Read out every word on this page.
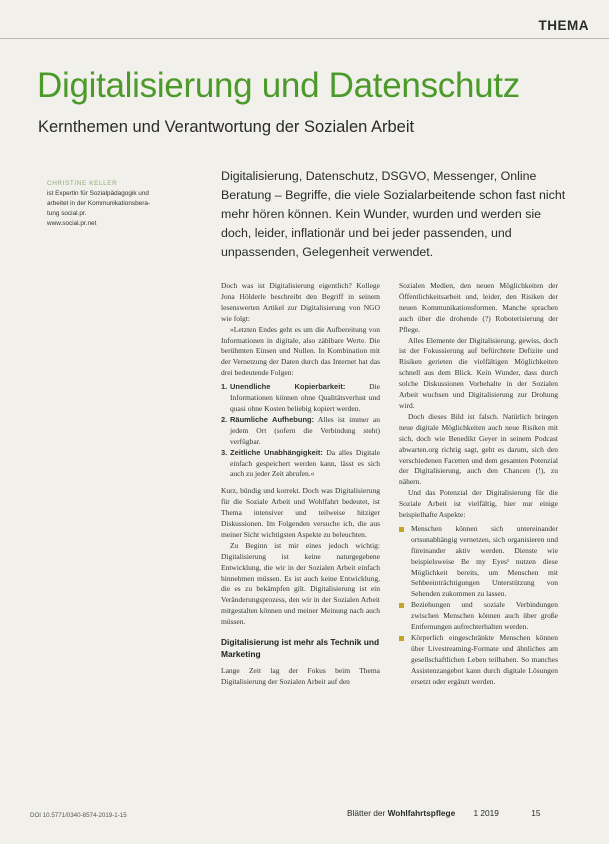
THEMA
Digitalisierung und Datenschutz
Kernthemen und Verantwortung der Sozialen Arbeit
CHRISTINE KELLER
ist Expertin für Sozialpädagogik und
arbeitet in der Kommunikationsbera-
tung social.pr.
www.social.pr.net
Digitalisierung, Datenschutz, DSGVO, Messenger, Online Beratung – Begriffe, die viele Sozialarbeitende schon fast nicht mehr hören können. Kein Wunder, wurden und werden sie doch, leider, inflationär und bei jeder passenden, und unpassenden, Gelegenheit verwendet.

Doch was ist Digitalisierung eigentlich? Kollege Jona Hölderle beschreibt den Begriff in seinem lesenswerten Artikel zur Digitalisierung von NGO wie folgt:

»Letzten Endes geht es um die Aufbereitung von Informationen in digitale, also zählbare Werte. Die berühmten Einsen und Nullen. In Kombination mit der Vernetzung der Daten durch das Internet hat das drei bedeutende Folgen:

1. Unendliche Kopierbarkeit:	Die Informationen können ohne Qualitätsverlust und quasi ohne Kosten beliebig kopiert werden.
2. Räumliche Aufhebung: Alles ist immer an jedem Ort (sofern die Verbindung steht) verfügbar.
3. Zeitliche Unabhängigkeit: Da alles Digitale einfach gespeichert werden kann, lässt es sich auch zu jeder Zeit abrufen.«

Kurz, bündig und korrekt. Doch was Digitalisierung für die Soziale Arbeit und Wohlfahrt bedeutet, ist Thema intensiver und teilweise hitziger Diskussionen. Im Folgenden versuche ich, die aus meiner Sicht wichtigsten Aspekte zu beleuchten.

Zu Beginn ist mir eines jedoch wichtig: Digitalisierung ist keine naturgegebene Entwicklung, die wir in der Sozialen Arbeit einfach hinnehmen müssen. Es ist auch keine Entwicklung, die es zu bekämpfen gilt. Digitalisierung ist ein Veränderungsprozess, den wir in der Sozialen Arbeit mitgestalten können und meiner Meinung nach auch müssen.

Digitalisierung ist mehr als Technik und Marketing

Lange Zeit lag der Fokus beim Thema Digitalisierung der Sozialen Arbeit auf den

Sozialen Medien, den neuen Möglichkeiten der Öffentlichkeitsarbeit und, leider, den Risiken der neuen Kommunikationsformen. Manche sprachen auch über die drohende (?) Roboterisierung der Pflege.

Alles Elemente der Digitalisierung, gewiss, doch ist der Fokussierung auf befürchtete Defizite und Risiken gerieten die vielfältigen Möglichkeiten schnell aus dem Blick. Kein Wunder, dass durch solche Diskussionen Vorbehalte in der Sozialen Arbeit wuchsen und Digitalisierung zur Drohung wird.

Doch dieses Bild ist falsch. Natürlich bringen neue digitale Möglichkeiten auch neue Risiken mit sich, doch wie Benedikt Geyer in seinem Podcast abwarten.org richtig sagt, geht es darum, sich den verschiedenen Facetten und dem gesamten Potenzial der Digitalisierung, auch den Chancen (!), zu nähern.

Und das Potenzial der Digitalisierung für die Soziale Arbeit ist vielfältig, hier nur einige beispielhafte Aspekte:

Menschen können sich untereinander ortsunabhängig vernetzen, sich organisieren und füreinander aktiv werden. Dienste wie beispielsweise Be my Eyes¹ nutzen diese Möglichkeit bereits, um Menschen mit Sehbeeinträchtigungen Unterstützung von Sehenden zukommen zu lassen.
Beziehungen und soziale Verbindungen zwischen Menschen können auch über große Entfernungen aufrechterhalten werden.
Körperlich eingeschränkte Menschen können über Livestreaming-Formate und ähnliches am gesellschaftlichen Leben teilhaben. So manches Assistenzangebot kann durch digitale Lösungen ersetzt oder ergänzt werden.
DOI 10.5771/0340-8574-2019-1-15	Blätter der Wohlfahrtspflege 1 2019	15
